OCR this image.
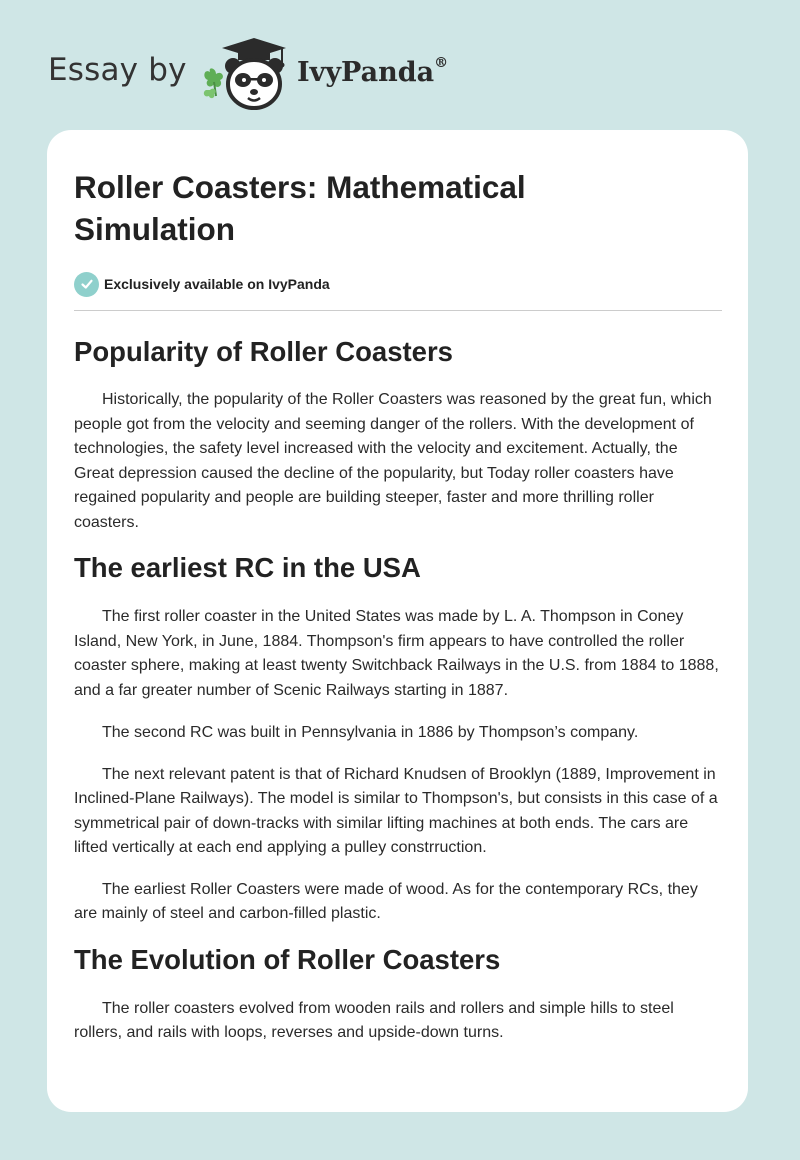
Essay by	IvyPanda®
Roller Coasters: Mathematical Simulation
Exclusively available on IvyPanda
Popularity of Roller Coasters

Historically, the popularity of the Roller Coasters was reasoned by the great fun, which people got from the velocity and seeming danger of the rollers. With the development of technologies, the safety level increased with the velocity and excitement. Actually, the Great depression caused the decline of the popularity, but Today roller coasters have regained popularity and people are building steeper, faster and more thrilling roller coasters.

The earliest RC in the USA

The first roller coaster in the United States was made by L. A. Thompson in Coney Island, New York, in June, 1884. Thompson's firm appears to have controlled the roller coaster sphere, making at least twenty Switchback Railways in the U.S. from 1884 to 1888, and a far greater number of Scenic Railways starting in 1887.

The second RC was built in Pennsylvania in 1886 by Thompson’s company.

The next relevant patent is that of Richard Knudsen of Brooklyn (1889, Improvement in Inclined-Plane Railways). The model is similar to Thompson's, but consists in this case of a symmetrical pair of down-tracks with similar lifting machines at both ends. The cars are lifted vertically at each end applying a pulley constrruction.

The earliest Roller Coasters were made of wood. As for the contemporary RCs, they are mainly of steel and carbon-filled plastic.

The Evolution of Roller Coasters

The roller coasters evolved from wooden rails and rollers and simple hills to steel rollers, and rails with loops, reverses and upside-down turns.
